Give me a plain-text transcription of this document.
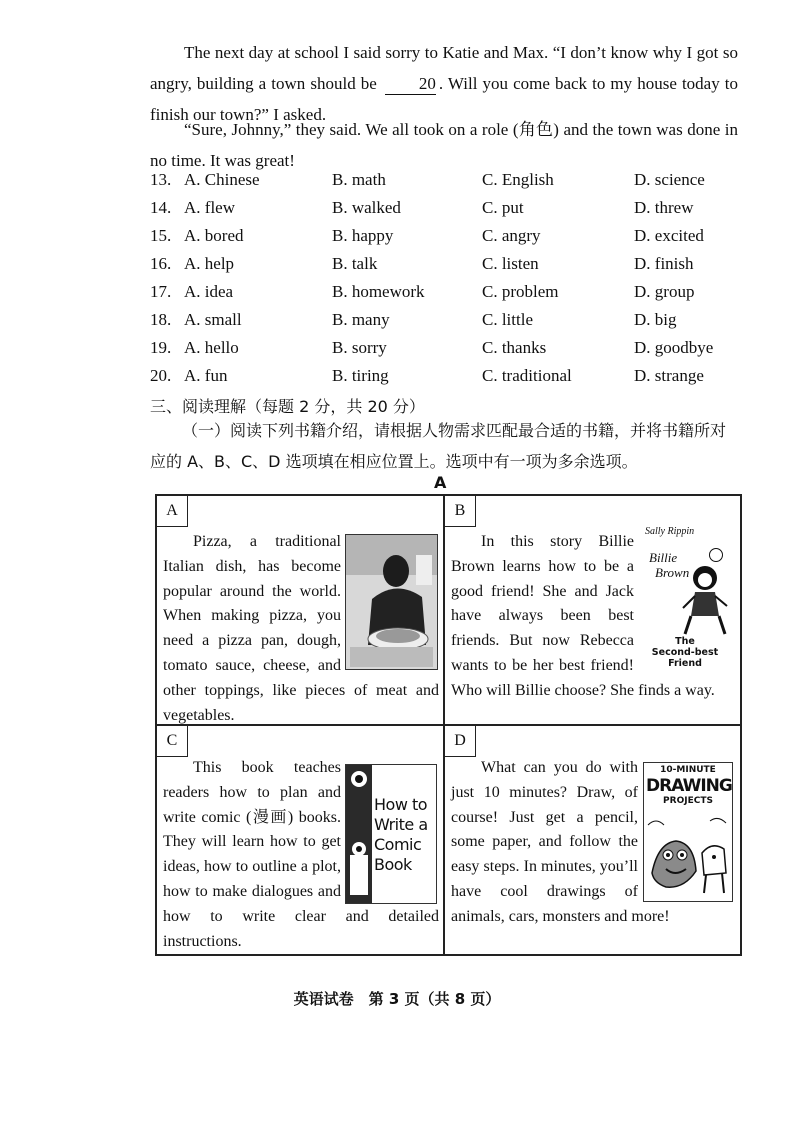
The next day at school I said sorry to Katie and Max. “I don’t know why I got so angry, building a town should be 20 . Will you come back to my house today to finish our town?” I asked.

“Sure, Johnny,” they said. We all took on a role (角色) and the town was done in no time. It was great!

13. A. Chinese	B. math	C. English	D. science
14. A. flew	B. walked	C. put	D. threw
15. A. bored	B. happy	C. angry	D. excited
16. A. help	B. talk	C. listen	D. finish
17. A. idea	B. homework	C. problem	D. group
18. A. small	B. many	C. little	D. big
19. A. hello	B. sorry	C. thanks	D. goodbye
20. A. fun	B. tiring	C. traditional	D. strange
三、阅读理解（每题 2 分，共 20 分）

（一）阅读下列书籍介绍，请根据人物需求匹配最合适的书籍，并将书籍所对应的 A、B、C、D 选项填在相应位置上。选项中有一项为多余选项。

A
A

Pizza, a traditional Italian dish, has become popular around the world. When making pizza, you need a pizza pan, dough, tomato sauce, cheese, and other toppings, like pieces of meat and vegetables.

B
Sally Rippin
Billie
Brown
The
Second-best
Friend

In this story Billie Brown learns how to be a good friend! She and Jack have always been best friends. But now Rebecca wants to be her best friend! Who will Billie choose? She finds a way.

C
How to
Write a
Comic
Book

This book teaches readers how to plan and write comic (漫画) books. They will learn how to get ideas, how to outline a plot, how to make dialogues and how to write clear and detailed instructions.

D
10-MINUTE
DRAWING
PROJECTS

What can you do with just 10 minutes? Draw, of course! Just get a pencil, some paper, and follow the easy steps. In minutes, you’ll have cool drawings of animals, cars, monsters and more!

英语试卷　第 3 页（共 8 页）
